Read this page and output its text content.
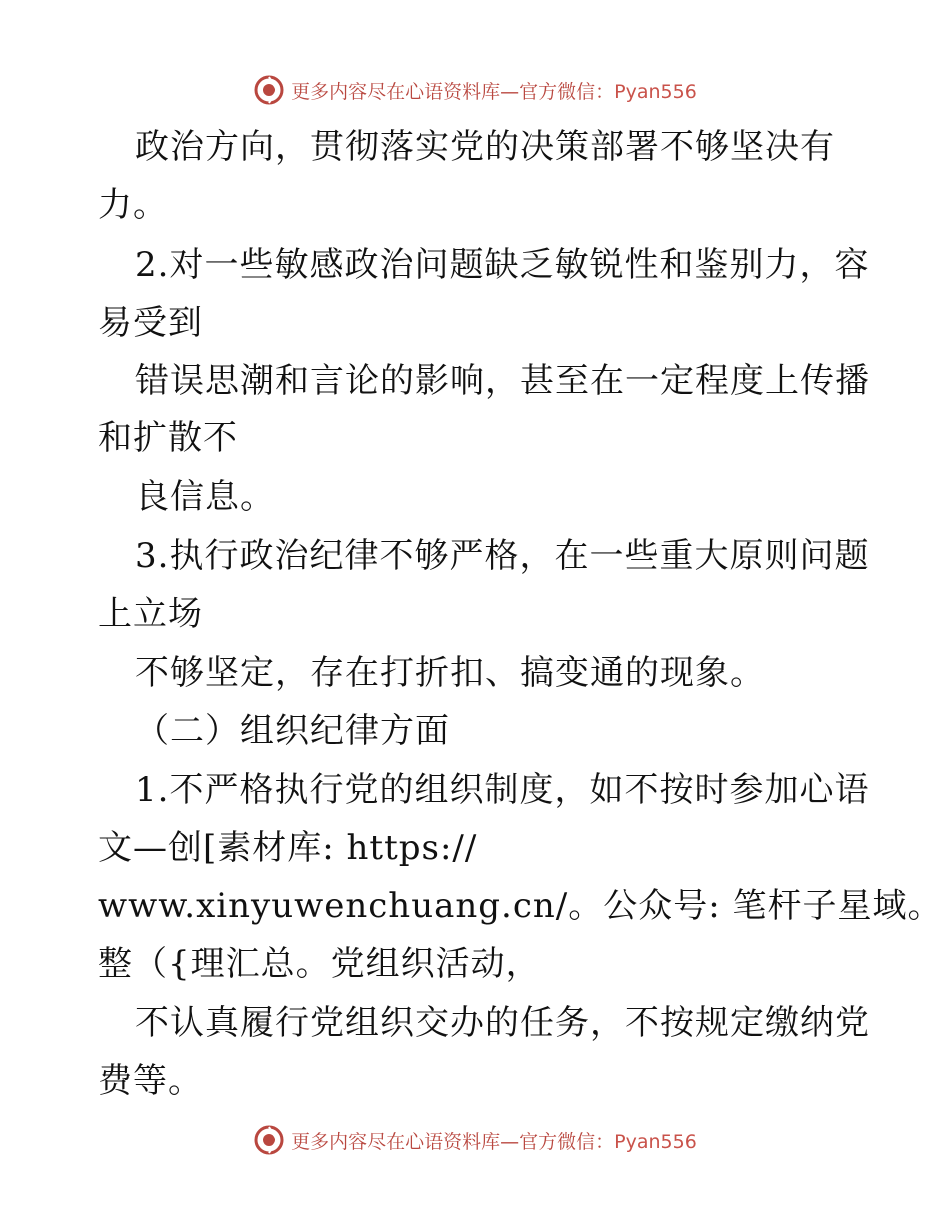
更多内容尽在心语资料库—官方微信：Pyan556
政治方向，贯彻落实党的决策部署不够坚决有
力。
2.对一些敏感政治问题缺乏敏锐性和鉴别力，容
易受到
错误思潮和言论的影响，甚至在一定程度上传播
和扩散不
良信息。
3.执行政治纪律不够严格，在一些重大原则问题
上立场
不够坚定，存在打折扣、搞变通的现象。
（二）组织纪律方面
1.不严格执行党的组织制度，如不按时参加心语
文—创[素材库: https://
www.xinyuwenchuang.cn/。公众号: 笔杆子星域。
整（{理汇总。党组织活动，
不认真履行党组织交办的任务，不按规定缴纳党
费等。
更多内容尽在心语资料库—官方微信：Pyan556
